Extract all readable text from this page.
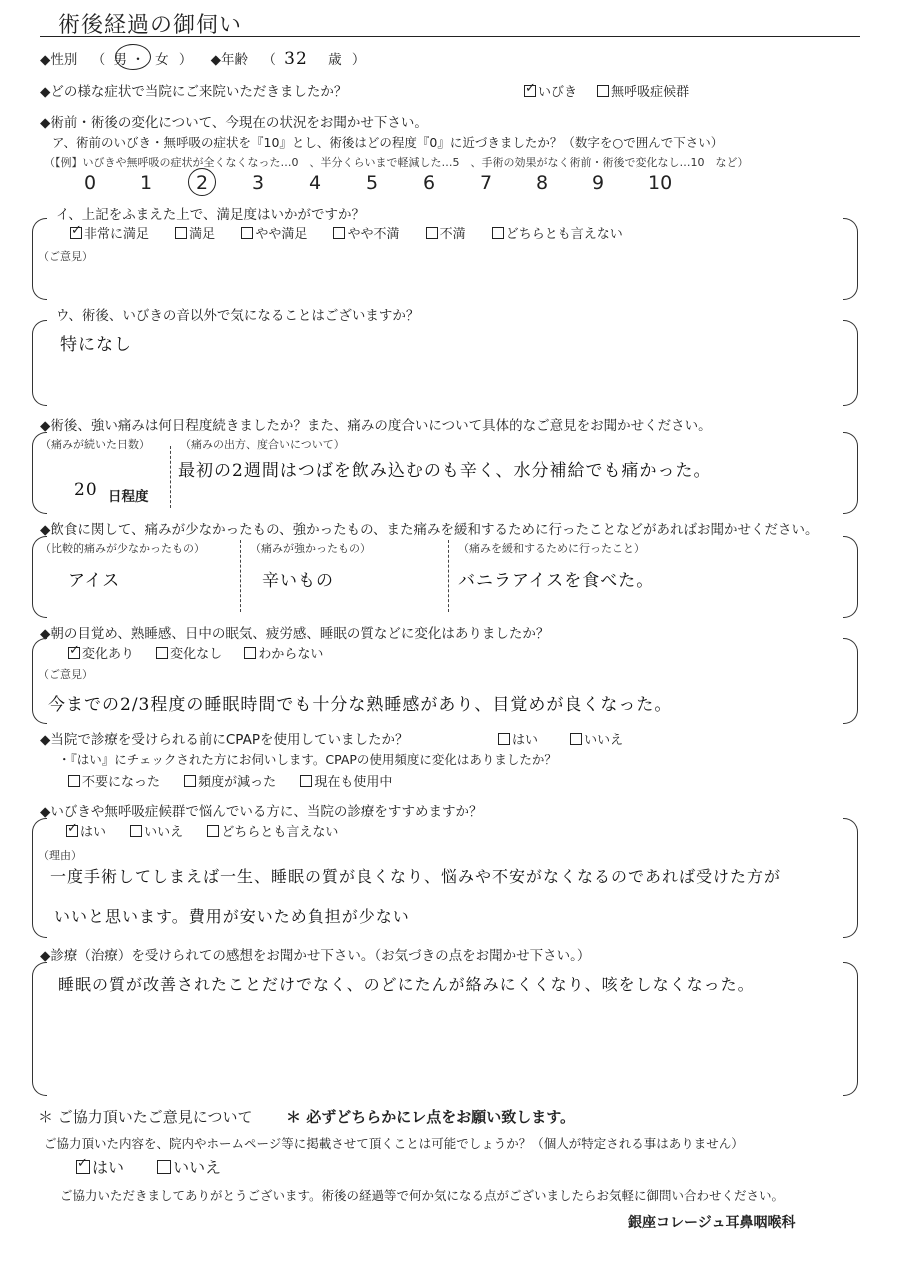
術後経過の御伺い
◆性別 （ 男 ・ 女 ） ◆年齢 （ 32 歳 ）
◆どの様な症状で当院にご来院いただきましたか？
✓	いびき	無呼吸症候群
◆術前・術後の変化について、今現在の状況をお聞かせ下さい。
ア、術前のいびき・無呼吸の症状を『10』とし、術後はどの程度『0』に近づきましたか？（数字を○で囲んで下さい）
（【例】いびきや無呼吸の症状が全くなくなった…0　、半分くらいまで軽減した…5　、手術の効果がなく術前・術後で変化なし…10　など）
0 1 2 3 4 5 6 7 8 9 10
イ、上記をふまえた上で、満足度はいかがですか？
✓非常に満足	満足	やや満足	やや不満	不満	どちらとも言えない
（ご意見）
ウ、術後、いびきの音以外で気になることはございますか？
特になし
◆術後、強い痛みは何日程度続きましたか？また、痛みの度合いについて具体的なご意見をお聞かせください。
（痛みが続いた日数）
20 日程度
（痛みの出方、度合いについて）
最初の2週間はつばを飲み込むのも辛く、水分補給でも痛かった。
◆飲食に関して、痛みが少なかったもの、強かったもの、また痛みを緩和するために行ったことなどがあればお聞かせください。
（比較的痛みが少なかったもの）
アイス
（痛みが強かったもの）
辛いもの
（痛みを緩和するために行ったこと）
バニラアイスを食べた。
◆朝の目覚め、熟睡感、日中の眠気、疲労感、睡眠の質などに変化はありましたか？
✓変化あり	変化なし	わからない
（ご意見）
今までの2/3程度の睡眠時間でも十分な熟睡感があり、目覚めが良くなった。
◆当院で診療を受けられる前にCPAPを使用していましたか？	はい	いいえ
・『はい』にチェックされた方にお伺いします。CPAPの使用頻度に変化はありましたか？
不要になった	頻度が減った	現在も使用中
◆いびきや無呼吸症候群で悩んでいる方に、当院の診療をすすめますか？
✓はい	いいえ	どちらとも言えない
（理由）
一度手術してしまえば一生、睡眠の質が良くなり、悩みや不安がなくなるのであれば受けた方が
いいと思います。費用が安いため負担が少ない
◆診療（治療）を受けられての感想をお聞かせ下さい。（お気づきの点をお聞かせ下さい。）
睡眠の質が改善されたことだけでなく、のどにたんが絡みにくくなり、咳をしなくなった。
＊ ご協力頂いたご意見について ＊ 必ずどちらかにレ点をお願い致します。
ご協力頂いた内容を、院内やホームページ等に掲載させて頂くことは可能でしょうか？（個人が特定される事はありません）
✓はい	いいえ
ご協力いただきましてありがとうございます。術後の経過等で何か気になる点がございましたらお気軽に御問い合わせください。
銀座コレージュ耳鼻咽喉科
